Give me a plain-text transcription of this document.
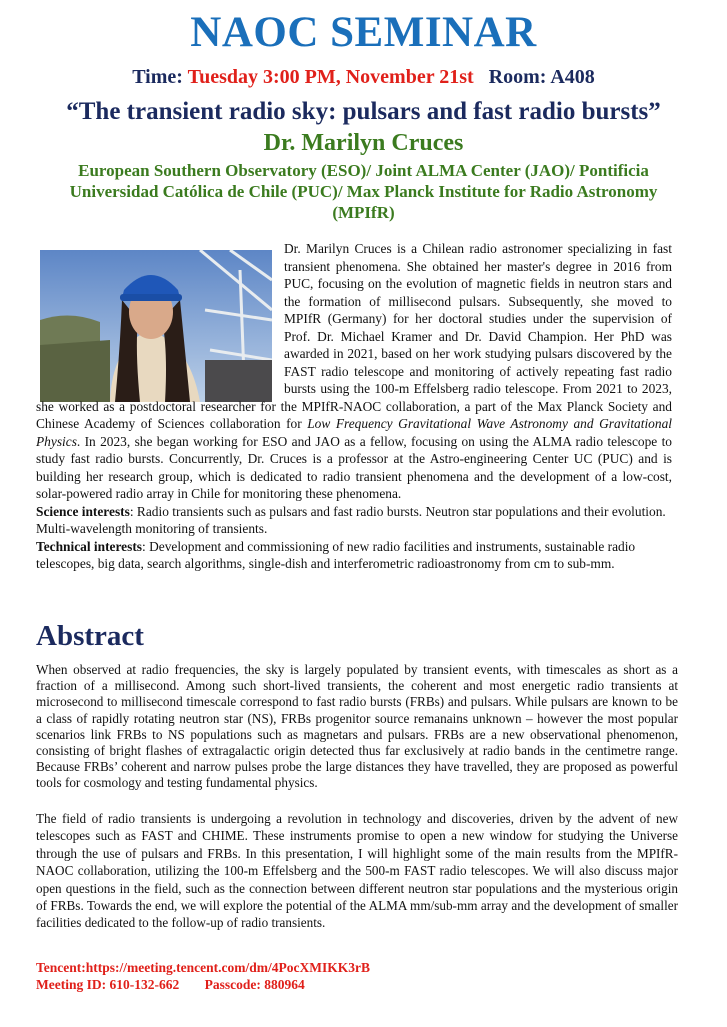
NAOC SEMINAR
Time: Tuesday 3:00 PM, November 21st Room: A408
“The transient radio sky: pulsars and fast radio bursts”
Dr. Marilyn Cruces
European Southern Observatory (ESO)/ Joint ALMA Center (JAO)/ Pontificia Universidad Católica de Chile (PUC)/ Max Planck Institute for Radio Astronomy (MPIfR)

Dr. Marilyn Cruces is a Chilean radio astronomer specializing in fast transient phenomena. She obtained her master's degree in 2016 from PUC, focusing on the evolution of magnetic fields in neutron stars and the formation of millisecond pulsars. Subsequently, she moved to MPIfR (Germany) for her doctoral studies under the supervision of Prof. Dr. Michael Kramer and Dr. David Champion. Her PhD was awarded in 2021, based on her work studying pulsars discovered by the FAST radio telescope and monitoring of actively repeating fast radio bursts using the 100-m Effelsberg radio telescope. From 2021 to 2023, she worked as a postdoctoral researcher for the MPIfR-NAOC collaboration, a part of the Max Planck Society and Chinese Academy of Sciences collaboration for Low Frequency Gravitational Wave Astronomy and Gravitational Physics. In 2023, she began working for ESO and JAO as a fellow, focusing on using the ALMA radio telescope to study fast radio bursts. Concurrently, Dr. Cruces is a professor at the Astro-engineering Center UC (PUC) and is building her research group, which is dedicated to radio transient phenomena and the development of a low-cost, solar-powered radio array in Chile for monitoring these phenomena.

Science interests: Radio transients such as pulsars and fast radio bursts. Neutron star populations and their evolution. Multi-wavelength monitoring of transients.

Technical interests: Development and commissioning of new radio facilities and instruments, sustainable radio telescopes, big data, search algorithms, single-dish and interferometric radioastronomy from cm to sub-mm.

Abstract
When observed at radio frequencies, the sky is largely populated by transient events, with timescales as short as a fraction of a millisecond. Among such short-lived transients, the coherent and most energetic radio transients at microsecond to millisecond timescale correspond to fast radio bursts (FRBs) and pulsars. While pulsars are known to be a class of rapidly rotating neutron star (NS), FRBs progenitor source remanains unknown – however the most popular scenarios link FRBs to NS populations such as magnetars and pulsars. FRBs are a new observational phenomenon, consisting of bright flashes of extragalactic origin detected thus far exclusively at radio bands in the centimetre range. Because FRBs’ coherent and narrow pulses probe the large distances they have travelled, they are proposed as powerful tools for cosmology and testing fundamental physics.
The field of radio transients is undergoing a revolution in technology and discoveries, driven by the advent of new telescopes such as FAST and CHIME. These instruments promise to open a new window for studying the Universe through the use of pulsars and FRBs. In this presentation, I will highlight some of the main results from the MPIfR-NAOC collaboration, utilizing the 100-m Effelsberg and the 500-m FAST radio telescopes. We will also discuss major open questions in the field, such as the connection between different neutron star populations and the mysterious origin of FRBs. Towards the end, we will explore the potential of the ALMA mm/sub-mm array and the development of smaller facilities dedicated to the follow-up of radio transients.
Tencent:https://meeting.tencent.com/dm/4PocXMIKK3rB
Meeting ID: 610-132-662 Passcode: 880964
